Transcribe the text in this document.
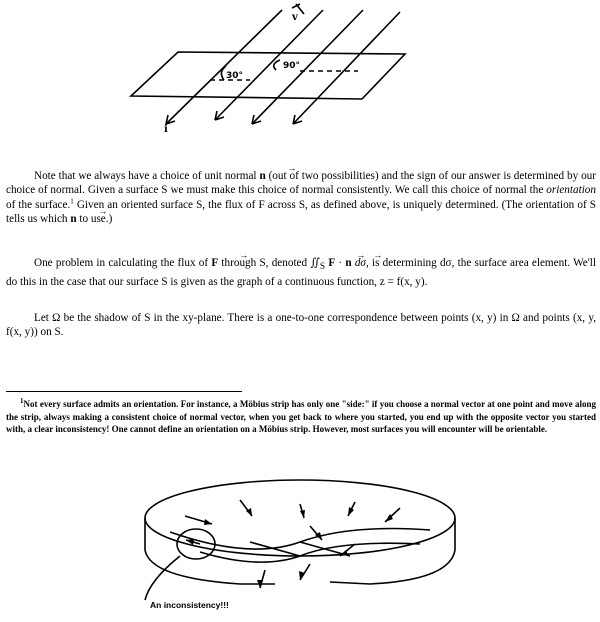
30°
90°
v
i

Note that we always have a choice of unit normal → n (out of two possibilities) and the sign of our answer is determined by our choice of normal. Given a surface S we must make this choice of normal consistently. We call this choice of normal the orientation of the surface.$^1$ Given an oriented surface S, the flux of F across S, as defined above, is uniquely determined. (The orientation of S tells us which → n to use.)

One problem in calculating the flux of → F through S, denoted $∬_S \to F$ · → n dσ, is determining dσ, the surface area element. We'll do this in the case that our surface S is given as the graph of a continuous function, z = f(x, y).

Let Ω be the shadow of S in the xy-plane. There is a one-to-one correspondence between points (x, y) in Ω and points (x, y, f(x, y)) on S.

$^1$Not every surface admits an orientation. For instance, a Möbius strip has only one "side:" if you choose a normal vector at one point and move along the strip, always making a consistent choice of normal vector, when you get back to where you started, you end up with the opposite vector you started with, a clear inconsistency! One cannot define an orientation on a Möbius strip. However, most surfaces you will encounter will be orientable.

An inconsistency!!!
